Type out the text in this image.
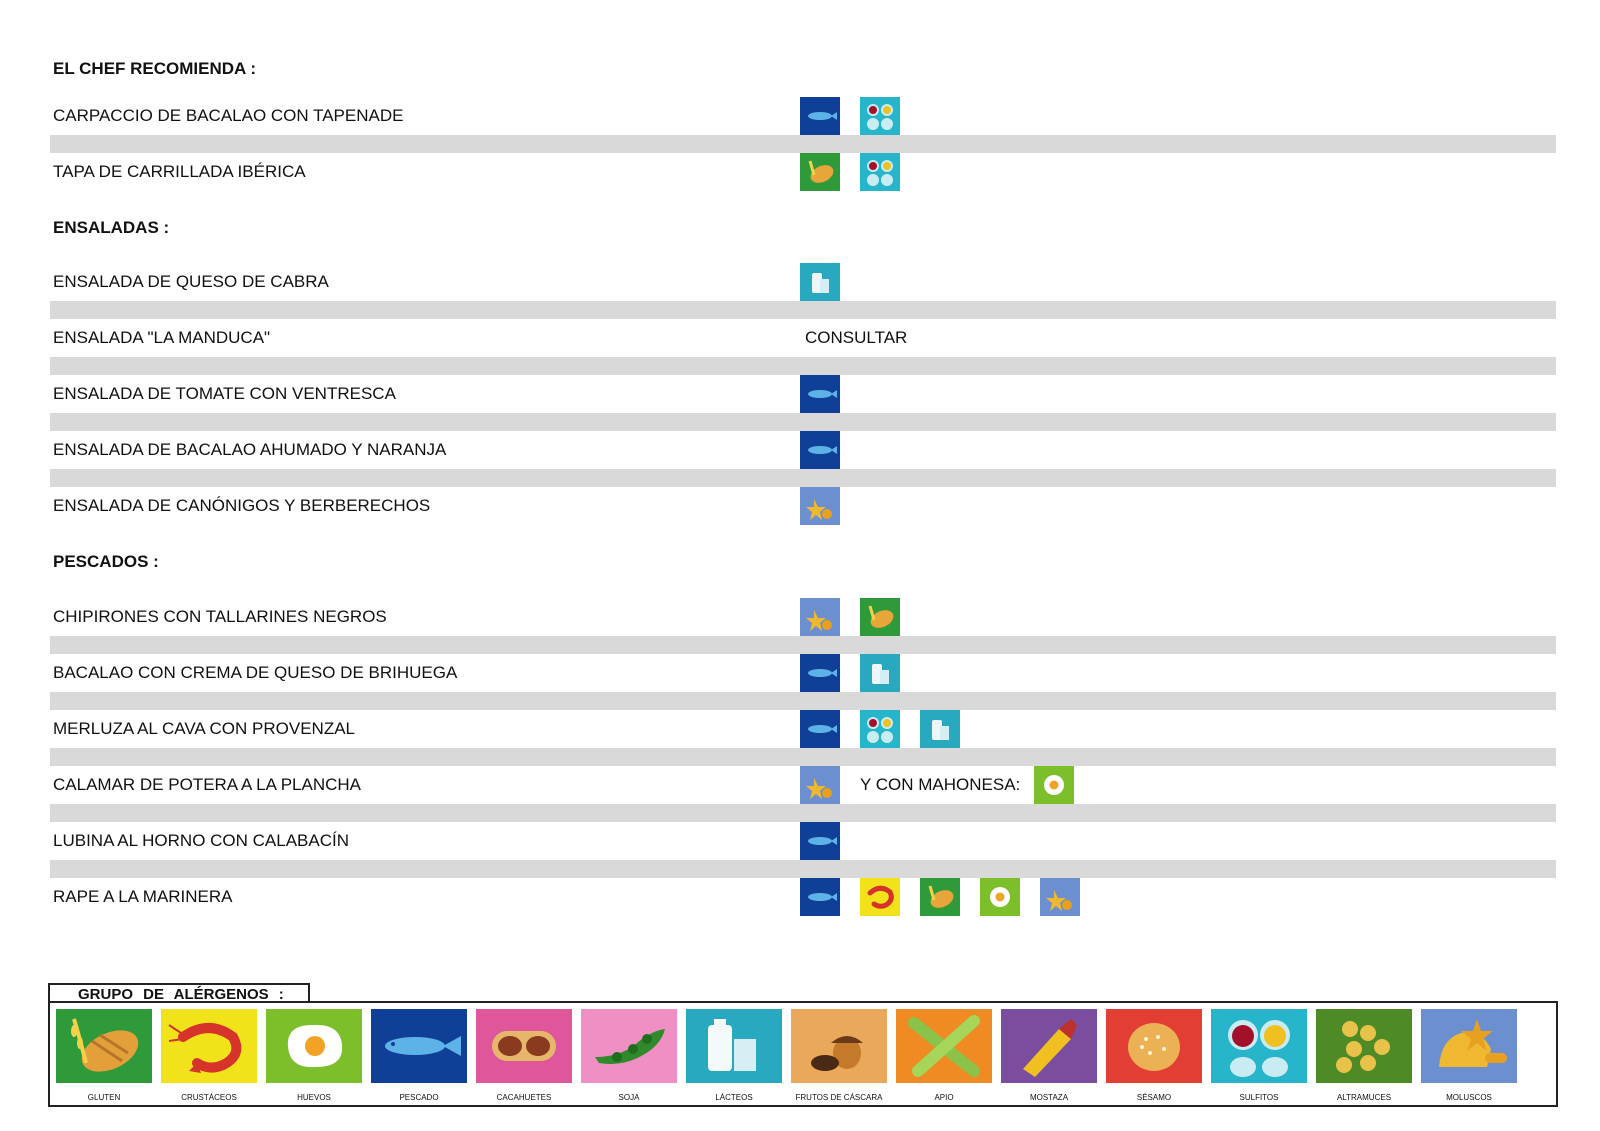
EL CHEF RECOMIENDA :
CARPACCIO DE BACALAO CON TAPENADE
TAPA DE CARRILLADA IBÉRICA
ENSALADAS :
ENSALADA DE QUESO DE CABRA
ENSALADA "LA MANDUCA"	CONSULTAR
ENSALADA DE TOMATE CON VENTRESCA
ENSALADA DE BACALAO AHUMADO Y NARANJA
ENSALADA DE CANÓNIGOS Y BERBERECHOS
PESCADOS :
CHIPIRONES CON TALLARINES NEGROS
BACALAO CON CREMA DE QUESO DE BRIHUEGA
MERLUZA AL CAVA CON PROVENZAL
CALAMAR DE POTERA A LA PLANCHA	Y CON MAHONESA:
LUBINA AL HORNO CON CALABACÍN
RAPE A LA MARINERA
GRUPO DE ALÉRGENOS :
GLUTEN	CRUSTÁCEOS	HUEVOS	PESCADO	CACAHUETES	SOJA	LÁCTEOS	FRUTOS DE CÁSCARA	APIO	MOSTAZA	SÉSAMO	SULFITOS	ALTRAMUCES	MOLUSCOS
